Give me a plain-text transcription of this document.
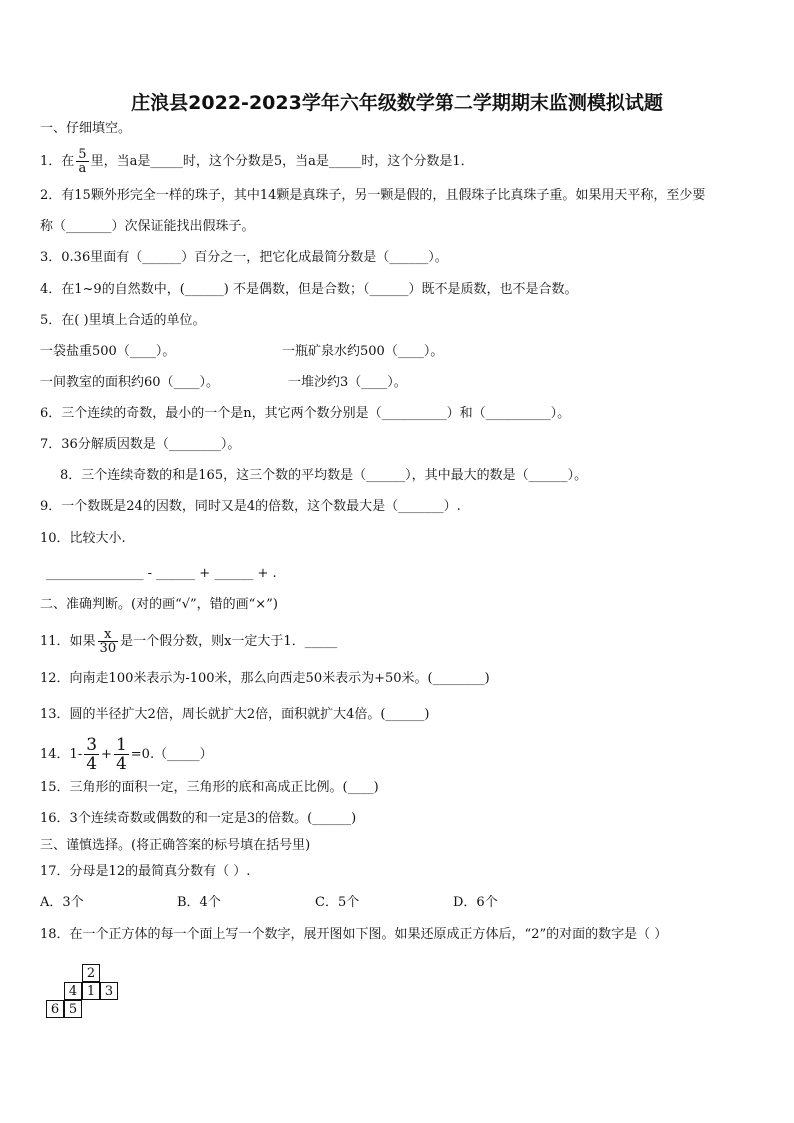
庄浪县2022-2023学年六年级数学第二学期期末监测模拟试题
一、仔细填空。
1．在 $\frac{5}{a}$ 里，当a是_____时，这个分数是5，当a是_____时，这个分数是1．
2．有15颗外形完全一样的珠子，其中14颗是真珠子，另一颗是假的，且假珠子比真珠子重。如果用天平称，至少要
称（_______）次保证能找出假珠子。
3．0.36里面有（______）百分之一，把它化成最简分数是（______）。
4．在1~9的自然数中，(______) 不是偶数，但是合数；（______）既不是质数，也不是合数。
5．在( )里填上合适的单位。
一袋盐重500（____）。	一瓶矿泉水约500（____）。
一间教室的面积约60（____）。	一堆沙约3（____）。
6．三个连续的奇数，最小的一个是n，其它两个数分别是（__________）和（__________）。
7．36分解质因数是（________）。
8．三个连续奇数的和是165，这三个数的平均数是（______），其中最大的数是（______）。
9．一个数既是24的因数，同时又是4的倍数，这个数最大是（_______）.
10．比较大小.
_______________ - ______ + ______ + .
二、准确判断。(对的画“√”，错的画“×”)
11．如果 $\frac{x}{30}$ 是一个假分数，则x一定大于1．_____
12．向南走100米表示为-100米，那么向西走50米表示为+50米。(________)
13．圆的半径扩大2倍，周长就扩大2倍，面积就扩大4倍。(______)
14．$1- \frac{3}{4} + \frac{1}{4}$ =0.（_____）
15．三角形的面积一定，三角形的底和高成正比例。(____)
16．3个连续奇数或偶数的和一定是3的倍数。(______)
三、谨慎选择。(将正确答案的标号填在括号里)
17．分母是12的最简真分数有（ ）.
A．3个	B．4个	C．5个	D．6个
18．在一个正方体的每一个面上写一个数字，展开图如下图。如果还原成正方体后，“2”的对面的数字是（ ）
2
4 1 3
6 5
